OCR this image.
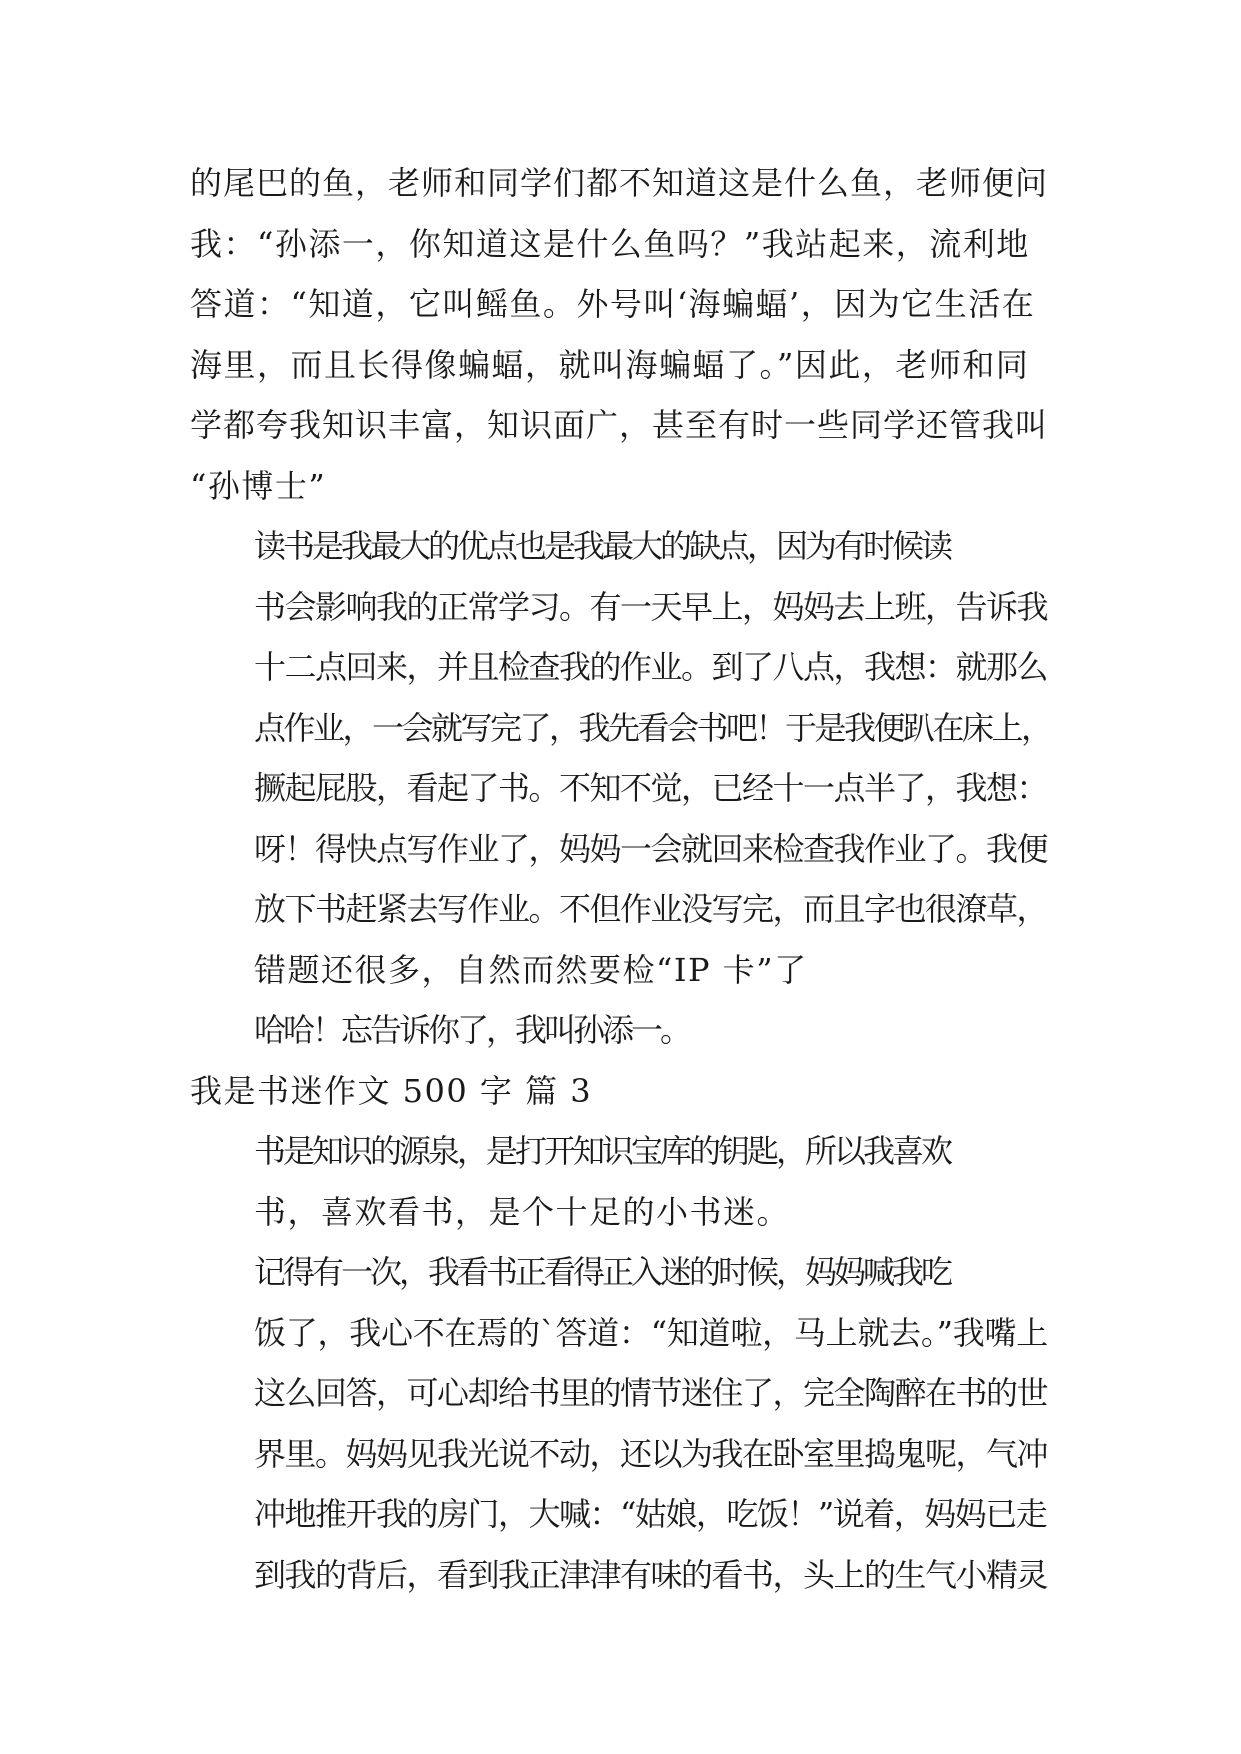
的尾巴的鱼，老师和同学们都不知道这是什么鱼，老师便问
我：“孙添一，你知道这是什么鱼吗？”我站起来，流利地
答道：“知道，它叫鳐鱼。外号叫‘海蝙蝠’，因为它生活在
海里，而且长得像蝙蝠，就叫海蝙蝠了。”因此，老师和同
学都夸我知识丰富，知识面广，甚至有时一些同学还管我叫
“孙博士”
读书是我最大的优点也是我最大的缺点，因为有时候读
书会影响我的正常学习。有一天早上，妈妈去上班，告诉我
十二点回来，并且检查我的作业。到了八点，我想：就那么
点作业，一会就写完了，我先看会书吧！于是我便趴在床上，
撅起屁股，看起了书。不知不觉，已经十一点半了，我想：
呀！得快点写作业了，妈妈一会就回来检查我作业了。我便
放下书赶紧去写作业。不但作业没写完，而且字也很潦草，
错题还很多，自然而然要检“IP 卡”了
哈哈！忘告诉你了，我叫孙添一。
我是书迷作文 500 字 篇 3
书是知识的源泉，是打开知识宝库的钥匙，所以我喜欢
书，喜欢看书，是个十足的小书迷。
记得有一次，我看书正看得正入迷的时候，妈妈喊我吃
饭了，我心不在焉的`答道：“知道啦，马上就去。”我嘴上
这么回答，可心却给书里的情节迷住了，完全陶醉在书的世
界里。妈妈见我光说不动，还以为我在卧室里捣鬼呢，气冲
冲地推开我的房门，大喊：“姑娘，吃饭！”说着，妈妈已走
到我的背后，看到我正津津有味的看书，头上的生气小精灵
